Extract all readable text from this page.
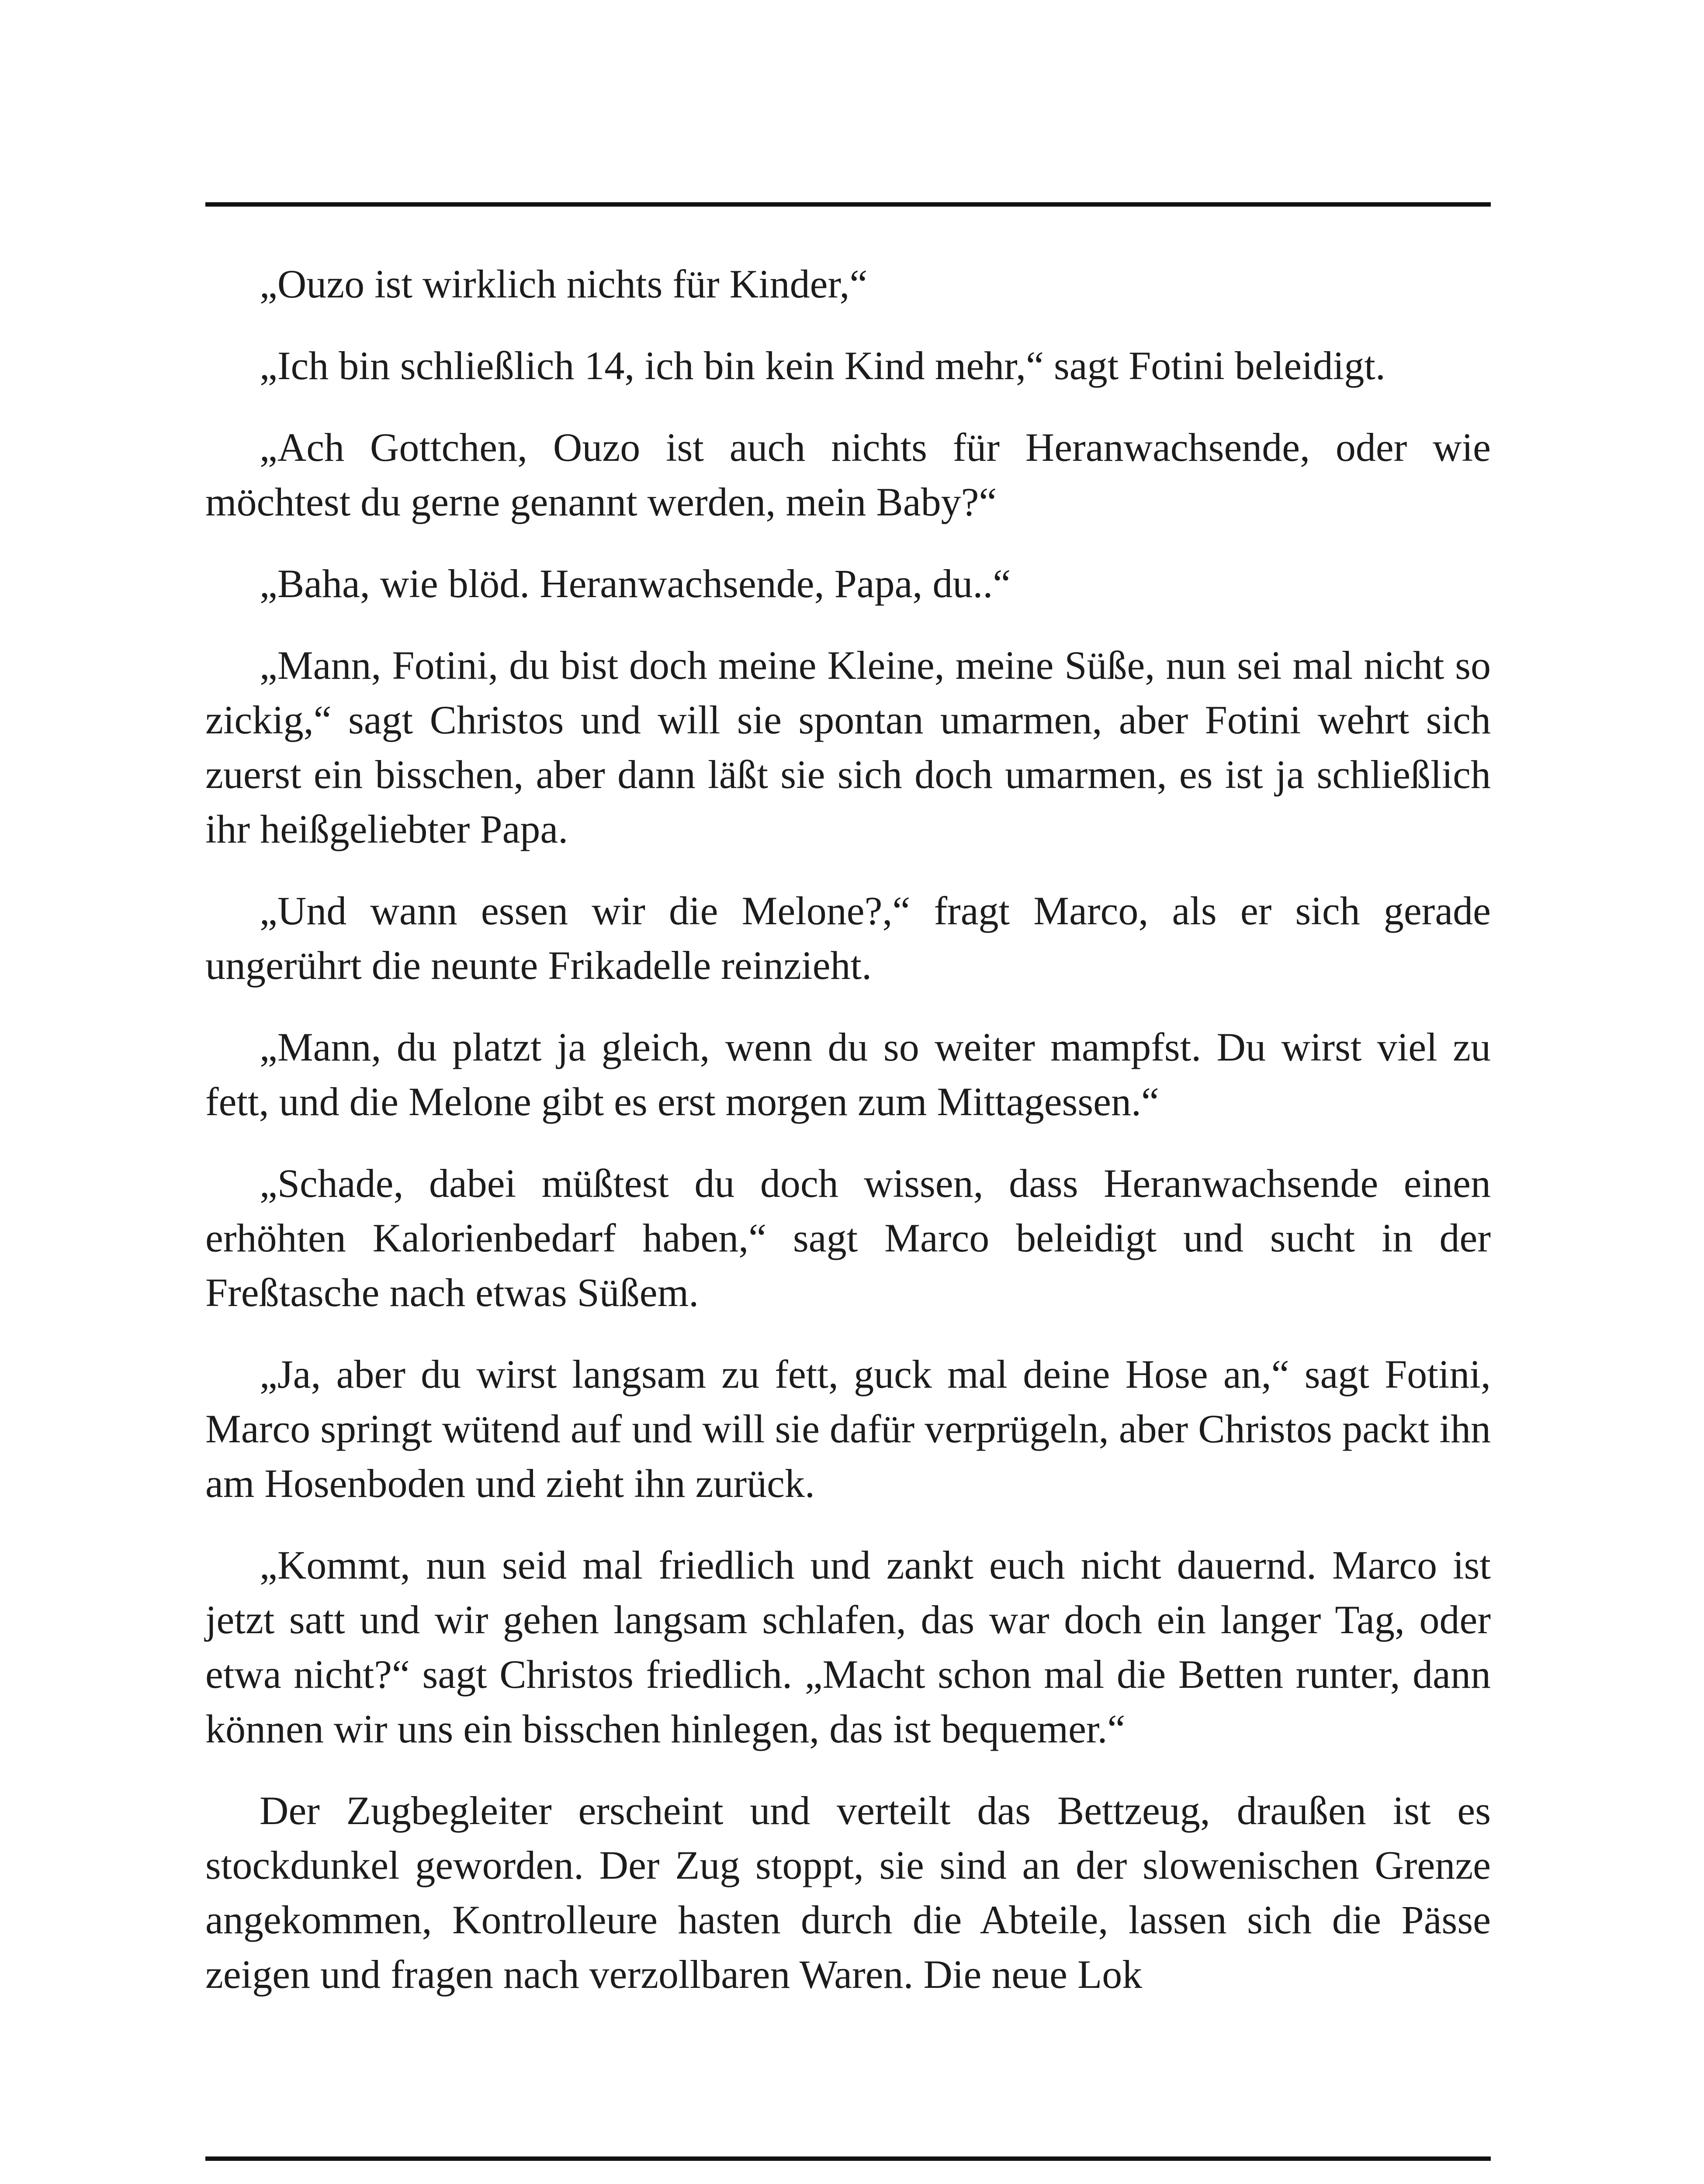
„Ouzo ist wirklich nichts für Kinder,“

„Ich bin schließlich 14, ich bin kein Kind mehr,“ sagt Fotini beleidigt.

„Ach Gottchen, Ouzo ist auch nichts für Heranwachsende, oder wie möchtest du gerne genannt werden, mein Baby?“

„Baha, wie blöd. Heranwachsende, Papa, du..“

„Mann, Fotini, du bist doch meine Kleine, meine Süße, nun sei mal nicht so zickig,“ sagt Christos und will sie spontan umarmen, aber Fotini wehrt sich zuerst ein bisschen, aber dann läßt sie sich doch umarmen, es ist ja schließlich ihr heißgeliebter Papa.

„Und wann essen wir die Melone?,“ fragt Marco, als er sich gerade ungerührt die neunte Frikadelle reinzieht.

„Mann, du platzt ja gleich, wenn du so weiter mampfst. Du wirst viel zu fett, und die Melone gibt es erst morgen zum Mittagessen.“

„Schade, dabei müßtest du doch wissen, dass Heranwachsende einen erhöhten Kalorienbedarf haben,“ sagt Marco beleidigt und sucht in der Freßtasche nach etwas Süßem.

„Ja, aber du wirst langsam zu fett, guck mal deine Hose an,“ sagt Fotini, Marco springt wütend auf und will sie dafür verprügeln, aber Christos packt ihn am Hosenboden und zieht ihn zurück.

„Kommt, nun seid mal friedlich und zankt euch nicht dauernd. Marco ist jetzt satt und wir gehen langsam schlafen, das war doch ein langer Tag, oder etwa nicht?“ sagt Christos friedlich. „Macht schon mal die Betten runter, dann können wir uns ein bisschen hinlegen, das ist bequemer.“

Der Zugbegleiter erscheint und verteilt das Bettzeug, draußen ist es stockdunkel geworden. Der Zug stoppt, sie sind an der slowenischen Grenze angekommen, Kontrolleure hasten durch die Abteile, lassen sich die Pässe zeigen und fragen nach verzollbaren Waren. Die neue Lok
